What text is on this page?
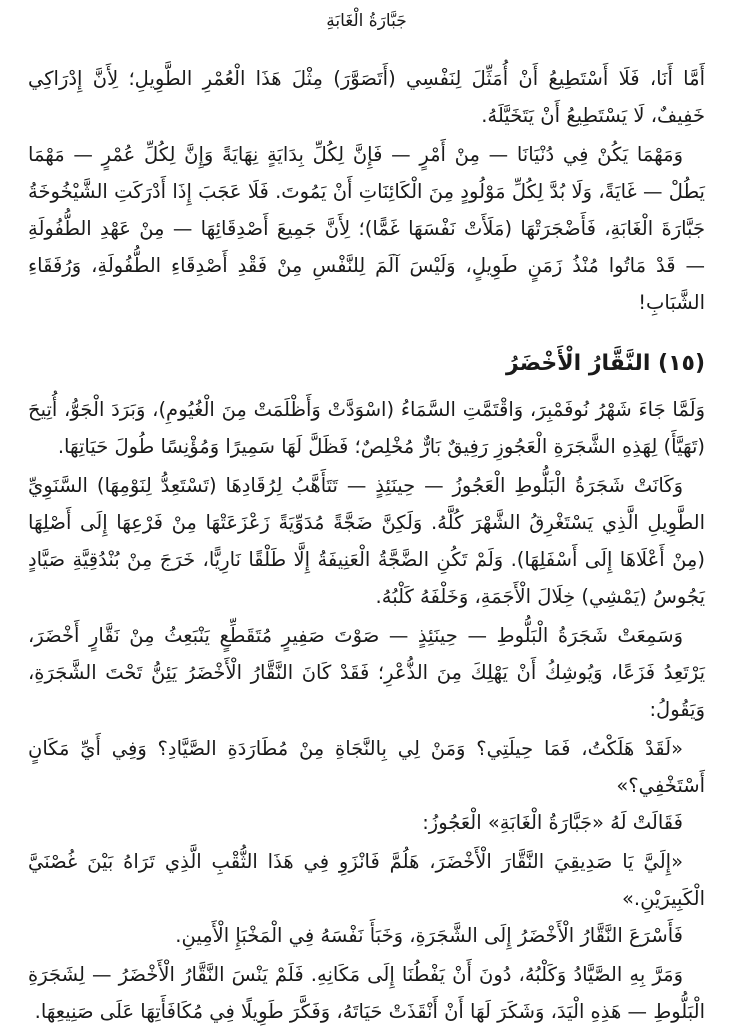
جَبَّارَةُ الْغَابَةِ

أَمَّا أَنَا، فَلَا أَسْتَطِيعُ أَنْ أُمَثِّلَ لِنَفْسِي (أَتَصَوَّرَ) مِثْلَ هَذَا الْعُمْرِ الطَّوِيلِ؛ لِأَنَّ إِدْرَاكِي خَفِيفٌ، لَا يَسْتَطِيعُ أَنْ يَتَخَيَّلَهُ.

وَمَهْمَا يَكُنْ فِي دُنْيَانَا — مِنْ أَمْرٍ — فَإِنَّ لِكُلِّ بِدَايَةٍ نِهَايَةً وَإِنَّ لِكُلِّ عُمْرٍ — مَهْمَا يَطُلْ — غَايَةً، وَلَا بُدَّ لِكُلِّ مَوْلُودٍ مِنَ الْكَائِنَاتِ أَنْ يَمُوتَ. فَلَا عَجَبَ إِذَا أَدْرَكَتِ الشَّيْخُوخَةُ جَبَّارَةَ الْغَابَةِ، فَأَضْجَرَتْهَا (مَلَأَتْ نَفْسَهَا غَمًّا)؛ لِأَنَّ جَمِيعَ أَصْدِقَائِهَا — مِنْ عَهْدِ الطُّفُولَةِ — قَدْ مَاتُوا مُنْذُ زَمَنٍ طَوِيلٍ، وَلَيْسَ آلَمَ لِلنَّفْسِ مِنْ فَقْدِ أَصْدِقَاءِ الطُّفُولَةِ، وَرُفَقَاءِ الشَّبَابِ!

(١٥) النَّقَّارُ الْأَخْضَرُ

وَلَمَّا جَاءَ شَهْرُ نُوفَمْبِرَ، وَاقْتَمَّتِ السَّمَاءُ (اسْوَدَّتْ وَأَظْلَمَتْ مِنَ الْغُيُومِ)، وَبَرَدَ الْجَوُّ، أُتِيحَ (تَهَيَّأَ) لِهَذِهِ الشَّجَرَةِ الْعَجُوزِ رَفِيقٌ بَارٌّ مُخْلِصٌ؛ فَظَلَّ لَهَا سَمِيرًا وَمُؤْنِسًا طُولَ حَيَاتِهَا.

وَكَانَتْ شَجَرَةُ الْبَلُّوطِ الْعَجُوزُ — حِينَئِذٍ — تَتَأَهَّبُ لِرُقَادِهَا (تَسْتَعِدُّ لِنَوْمِهَا) السَّنَوِيِّ الطَّوِيلِ الَّذِي يَسْتَغْرِقُ الشَّهْرَ كُلَّهُ. وَلَكِنَّ ضَجَّةً مُدَوِّيَةً زَعْزَعَتْهَا مِنْ فَرْعِهَا إِلَى أَصْلِهَا (مِنْ أَعْلَاهَا إِلَى أَسْفَلِهَا). وَلَمْ تَكُنِ الضَّجَّةُ الْعَنِيفَةُ إِلَّا طَلْقًا نَارِيًّا، خَرَجَ مِنْ بُنْدُقِيَّةِ صَيَّادٍ يَجُوسُ (يَمْشِي) خِلَالَ الْأَجَمَةِ، وَخَلْفَهُ كَلْبُهُ.

وَسَمِعَتْ شَجَرَةُ الْبَلُّوطِ — حِينَئِذٍ — صَوْتَ صَفِيرٍ مُتَقَطِّعٍ يَنْبَعِثُ مِنْ نَقَّارٍ أَخْضَرَ، يَرْتَعِدُ فَزَعًا، وَيُوشِكُ أَنْ يَهْلِكَ مِنَ الذُّعْرِ؛ فَقَدْ كَانَ النَّقَّارُ الْأَخْضَرُ يَئِنُّ تَحْتَ الشَّجَرَةِ، وَيَقُولُ:

«لَقَدْ هَلَكْتُ، فَمَا حِيلَتِي؟ وَمَنْ لِي بِالنَّجَاةِ مِنْ مُطَارَدَةِ الصَّيَّادِ؟ وَفِي أَيِّ مَكَانٍ أَسْتَخْفِي؟»

فَقَالَتْ لَهُ «جَبَّارَةُ الْغَابَةِ» الْعَجُوزُ:

«إِلَيَّ يَا صَدِيقِيَ النَّقَّارَ الْأَخْضَرَ، هَلُمَّ فَانْزَوِ فِي هَذَا الثُّقْبِ الَّذِي تَرَاهُ بَيْنَ غُصْنَيَّ الْكَبِيرَيْنِ.»

فَأَسْرَعَ النَّقَّارُ الْأَخْضَرُ إِلَى الشَّجَرَةِ، وَخَبَأَ نَفْسَهُ فِي الْمَخْبَإِ الْأَمِينِ.

وَمَرَّ بِهِ الصَّيَّادُ وَكَلْبُهُ، دُونَ أَنْ يَفْطُنَا إِلَى مَكَانِهِ. فَلَمْ يَنْسَ النَّقَّارُ الْأَخْضَرُ — لِشَجَرَةِ الْبَلُّوطِ — هَذِهِ الْيَدَ، وَشَكَرَ لَهَا أَنْ أَنْقَذَتْ حَيَاتَهُ، وَفَكَّرَ طَوِيلًا فِي مُكَافَأَتِهَا عَلَى صَنِيعِهَا.
